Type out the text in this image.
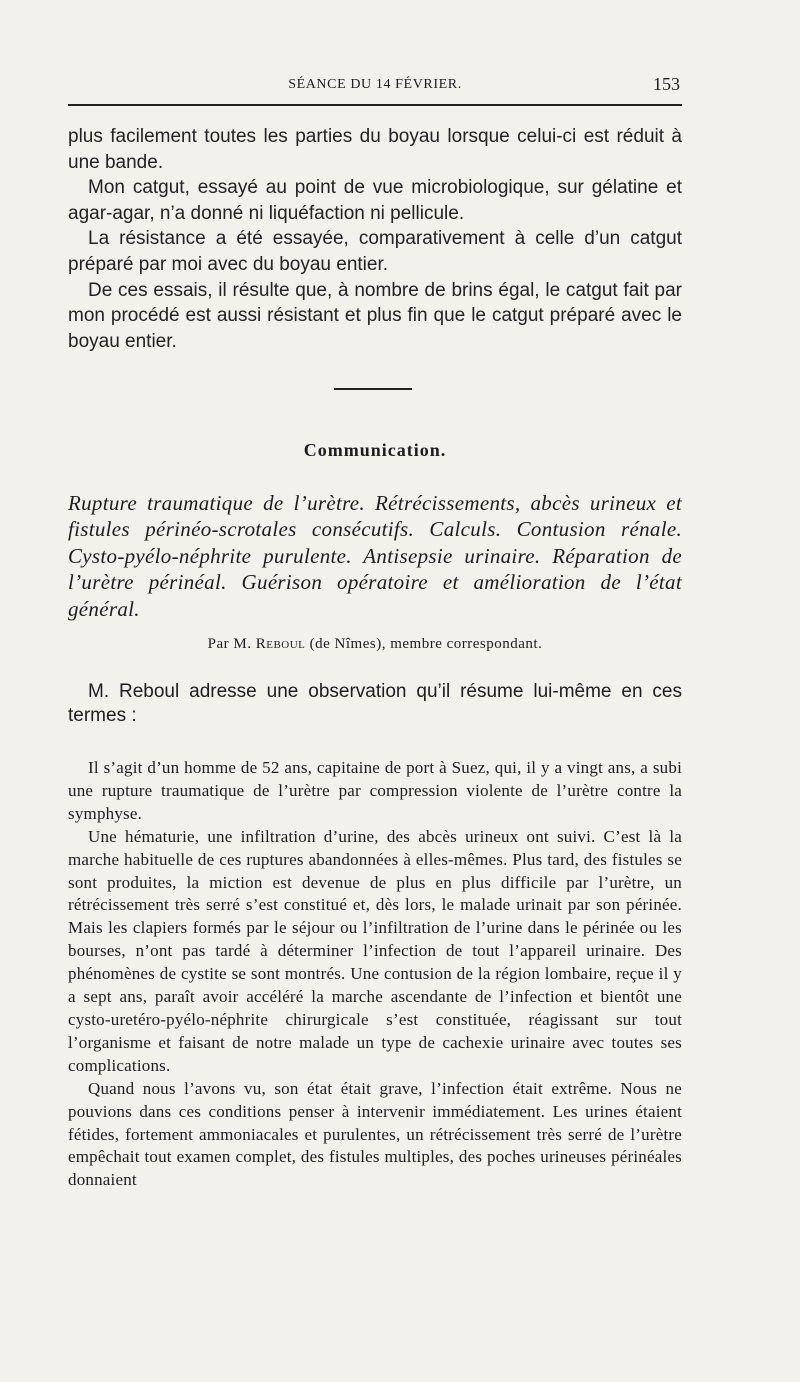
SÉANCE DU 14 FÉVRIER.	153

plus facilement toutes les parties du boyau lorsque celui-ci est réduit à une bande.

Mon catgut, essayé au point de vue microbiologique, sur gélatine et agar-agar, n’a donné ni liquéfaction ni pellicule.

La résistance a été essayée, comparativement à celle d’un catgut préparé par moi avec du boyau entier.

De ces essais, il résulte que, à nombre de brins égal, le catgut fait par mon procédé est aussi résistant et plus fin que le catgut préparé avec le boyau entier.

Communication.
Rupture traumatique de l’urètre. Rétrécissements, abcès urineux et fistules périnéo-scrotales consécutifs. Calculs. Contusion rénale. Cysto-pyélo-néphrite purulente. Antisepsie urinaire. Réparation de l’urètre périnéal. Guérison opératoire et amélioration de l’état général.
Par M. Reboul (de Nîmes), membre correspondant.

M. Reboul adresse une observation qu’il résume lui-même en ces termes :

Il s’agit d’un homme de 52 ans, capitaine de port à Suez, qui, il y a vingt ans, a subi une rupture traumatique de l’urètre par compression violente de l’urètre contre la symphyse.

Une hématurie, une infiltration d’urine, des abcès urineux ont suivi. C’est là la marche habituelle de ces ruptures abandonnées à elles-mêmes. Plus tard, des fistules se sont produites, la miction est devenue de plus en plus difficile par l’urètre, un rétrécissement très serré s’est constitué et, dès lors, le malade urinait par son périnée. Mais les clapiers formés par le séjour ou l’infiltration de l’urine dans le périnée ou les bourses, n’ont pas tardé à déterminer l’infection de tout l’appareil urinaire. Des phénomènes de cystite se sont montrés. Une contusion de la région lombaire, reçue il y a sept ans, paraît avoir accéléré la marche ascendante de l’infection et bientôt une cysto-uretéro-pyélo-néphrite chirurgicale s’est constituée, réagissant sur tout l’organisme et faisant de notre malade un type de cachexie urinaire avec toutes ses complications.

Quand nous l’avons vu, son état était grave, l’infection était extrême. Nous ne pouvions dans ces conditions penser à intervenir immédiatement. Les urines étaient fétides, fortement ammoniacales et purulentes, un rétrécissement très serré de l’urètre empêchait tout examen complet, des fistules multiples, des poches urineuses périnéales donnaient
